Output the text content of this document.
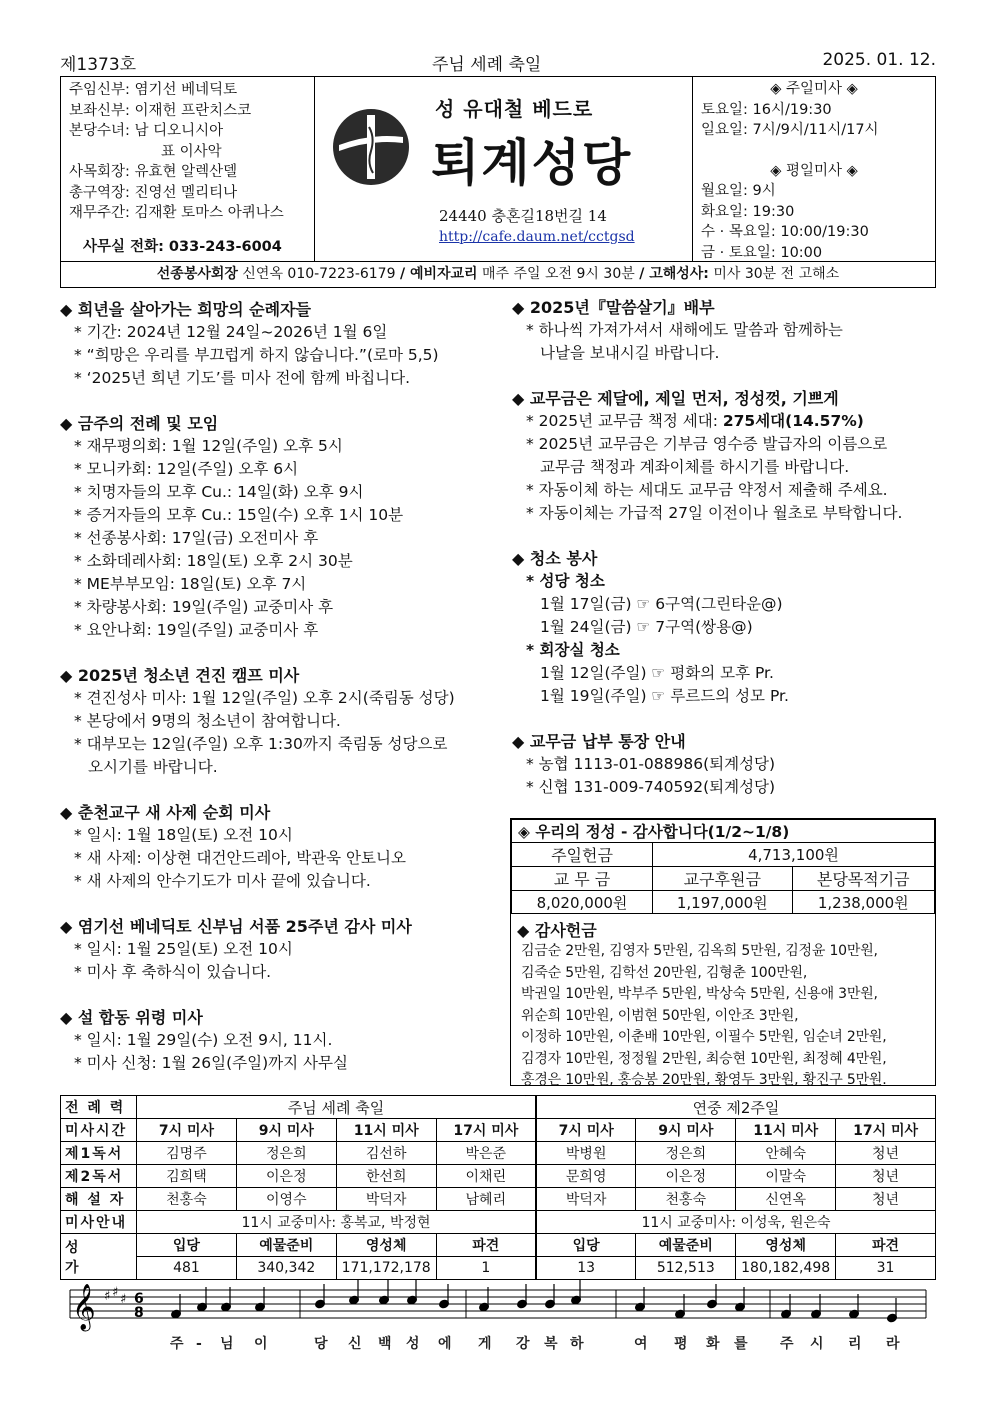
제1373호	주님 세례 축일	2025. 01. 12.
주임신부: 염기선 베네딕토
보좌신부: 이재헌 프란치스코
본당수녀: 남 디오니시아
표 이사악
사목회장: 유효현 알렉산델
총구역장: 진영선 멜리티나
재무주간: 김재환 토마스 아퀴나스
사무실 전화: 033-243-6004
성 유대철 베드로
퇴계성당
24440 충혼길18번길 14
http://cafe.daum.net/cctgsd
◈ 주일미사 ◈
토요일: 16시/19:30
일요일: 7시/9시/11시/17시
◈ 평일미사 ◈
월요일: 9시
화요일: 19:30
수 · 목요일: 10:00/19:30
금 · 토요일: 10:00
선종봉사회장 신연옥 010-7223-6179 / 예비자교리 매주 주일 오전 9시 30분 / 고해성사: 미사 30분 전 고해소
◆ 희년을 살아가는 희망의 순례자들
* 기간: 2024년 12월 24일~2026년 1월 6일
* “희망은 우리를 부끄럽게 하지 않습니다.”(로마 5,5)
* ‘2025년 희년 기도’를 미사 전에 함께 바칩니다.
◆ 금주의 전례 및 모임
* 재무평의회: 1월 12일(주일) 오후 5시
* 모니카회: 12일(주일) 오후 6시
* 치명자들의 모후 Cu.: 14일(화) 오후 9시
* 증거자들의 모후 Cu.: 15일(수) 오후 1시 10분
* 선종봉사회: 17일(금) 오전미사 후
* 소화데레사회: 18일(토) 오후 2시 30분
* ME부부모임: 18일(토) 오후 7시
* 차량봉사회: 19일(주일) 교중미사 후
* 요안나회: 19일(주일) 교중미사 후
◆ 2025년 청소년 견진 캠프 미사
* 견진성사 미사: 1월 12일(주일) 오후 2시(죽림동 성당)
* 본당에서 9명의 청소년이 참여합니다.
* 대부모는 12일(주일) 오후 1:30까지 죽림동 성당으로
오시기를 바랍니다.
◆ 춘천교구 새 사제 순회 미사
* 일시: 1월 18일(토) 오전 10시
* 새 사제: 이상현 대건안드레아, 박관욱 안토니오
* 새 사제의 안수기도가 미사 끝에 있습니다.
◆ 염기선 베네딕토 신부님 서품 25주년 감사 미사
* 일시: 1월 25일(토) 오전 10시
* 미사 후 축하식이 있습니다.
◆ 설 합동 위령 미사
* 일시: 1월 29일(수) 오전 9시, 11시.
* 미사 신청: 1월 26일(주일)까지 사무실
◆ 2025년『말씀살기』배부
* 하나씩 가져가셔서 새해에도 말씀과 함께하는
나날을 보내시길 바랍니다.
◆ 교무금은 제달에, 제일 먼저, 정성껏, 기쁘게
* 2025년 교무금 책정 세대: 275세대(14.57%)
* 2025년 교무금은 기부금 영수증 발급자의 이름으로
교무금 책정과 계좌이체를 하시기를 바랍니다.
* 자동이체 하는 세대도 교무금 약정서 제출해 주세요.
* 자동이체는 가급적 27일 이전이나 월초로 부탁합니다.
◆ 청소 봉사
* 성당 청소
1월 17일(금) ☞ 6구역(그린타운@)
1월 24일(금) ☞ 7구역(쌍용@)
* 회장실 청소
1월 12일(주일) ☞ 평화의 모후 Pr.
1월 19일(주일) ☞ 루르드의 성모 Pr.
◆ 교무금 납부 통장 안내
* 농협 1113-01-088986(퇴계성당)
* 신협 131-009-740592(퇴계성당)
◈ 우리의 정성 - 감사합니다(1/2~1/8)		
주일헌금	4,713,100원	
교 무 금	교구후원금	본당목적기금
8,020,000원	1,197,000원	1,238,000원
◆ 감사헌금
김금순 2만원, 김영자 5만원, 김옥희 5만원, 김정윤 10만원,
김죽순 5만원, 김학선 20만원, 김형춘 100만원,
박권일 10만원, 박부주 5만원, 박상숙 5만원, 신용애 3만원,
위순희 10만원, 이범현 50만원, 이안조 3만원,
이정하 10만원, 이춘배 10만원, 이필수 5만원, 임순녀 2만원,
김경자 10만원, 정정월 2만원, 최승현 10만원, 최정혜 4만원,
홍경은 10만원, 홍승봉 20만원, 황영두 3만원, 황진구 5만원.
전 례 력	주님 세례 축일				연중 제2주일			
미사시간	7시 미사	9시 미사	11시 미사	17시 미사	7시 미사	9시 미사	11시 미사	17시 미사
제1독서	김명주	정은희	김선하	박은준	박병원	정은희	안혜숙	청년
제2독서	김희택	이은정	한선희	이채린	문희영	이은정	이말숙	청년
해 설 자	천홍숙	이영수	박덕자	남혜리	박덕자	천홍숙	신연옥	청년
미사안내	11시 교중미사: 홍복교, 박정현				11시 교중미사: 이성욱, 원은숙			
성 가	입당	예물준비	영성체	파견	입당	예물준비	영성체	파견
	481	340,342	171,172,178	1	13	512,513	180,182,498	31
𝄞 ♯ ♯ ♯ 6
8
주 - 님 이	당 신 백 성 에 게 강 복 하	여 평 화 를 주 시 리 라
